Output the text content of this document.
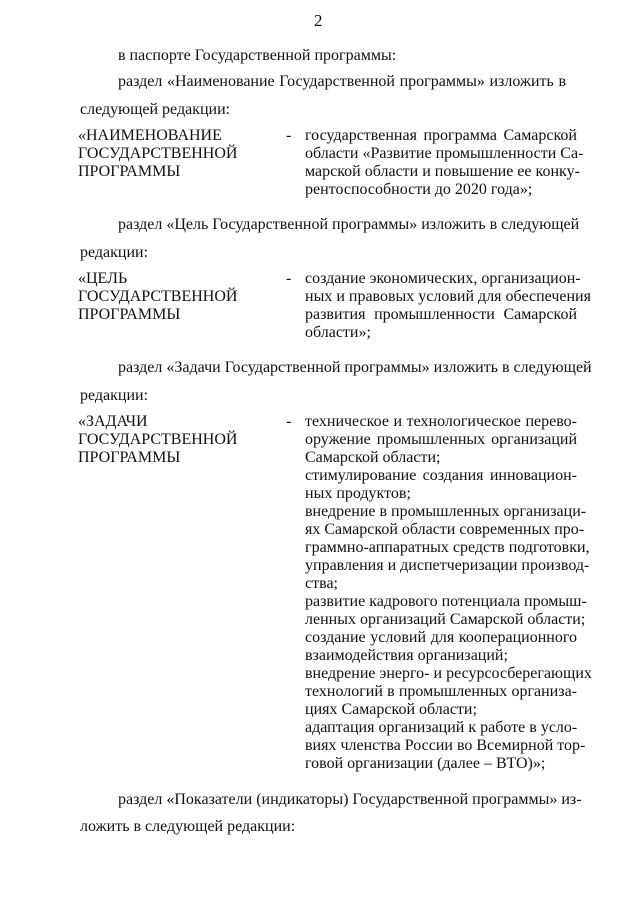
2
в паспорте Государственной программы:
раздел «Наименование Государственной программы» изложить в
следующей редакции:
«НАИМЕНОВАНИЕ
ГОСУДАРСТВЕННОЙ
ПРОГРАММЫ
- государственная программа Самарской
области «Развитие промышленности Са-
марской области и повышение ее конку-
рентоспособности до 2020 года»;
раздел «Цель Государственной программы» изложить в следующей
редакции:
«ЦЕЛЬ
ГОСУДАРСТВЕННОЙ
ПРОГРАММЫ
- создание экономических, организацион-
ных и правовых условий для обеспечения
развития промышленности Самарской
области»;
раздел «Задачи Государственной программы» изложить в следующей
редакции:
«ЗАДАЧИ
ГОСУДАРСТВЕННОЙ
ПРОГРАММЫ
- техническое и технологическое перево-
оружение промышленных организаций
Самарской области;
стимулирование создания инновацион-
ных продуктов;
внедрение в промышленных организаци-
ях Самарской области современных про-
граммно-аппаратных средств подготовки,
управления и диспетчеризации производ-
ства;
развитие кадрового потенциала промыш-
ленных организаций Самарской области;
создание условий для кооперационного
взаимодействия организаций;
внедрение энерго- и ресурсосберегающих
технологий в промышленных организа-
циях Самарской области;
адаптация организаций к работе в усло-
виях членства России во Всемирной тор-
говой организации (далее – ВТО)»;
раздел «Показатели (индикаторы) Государственной программы» из-
ложить в следующей редакции:
